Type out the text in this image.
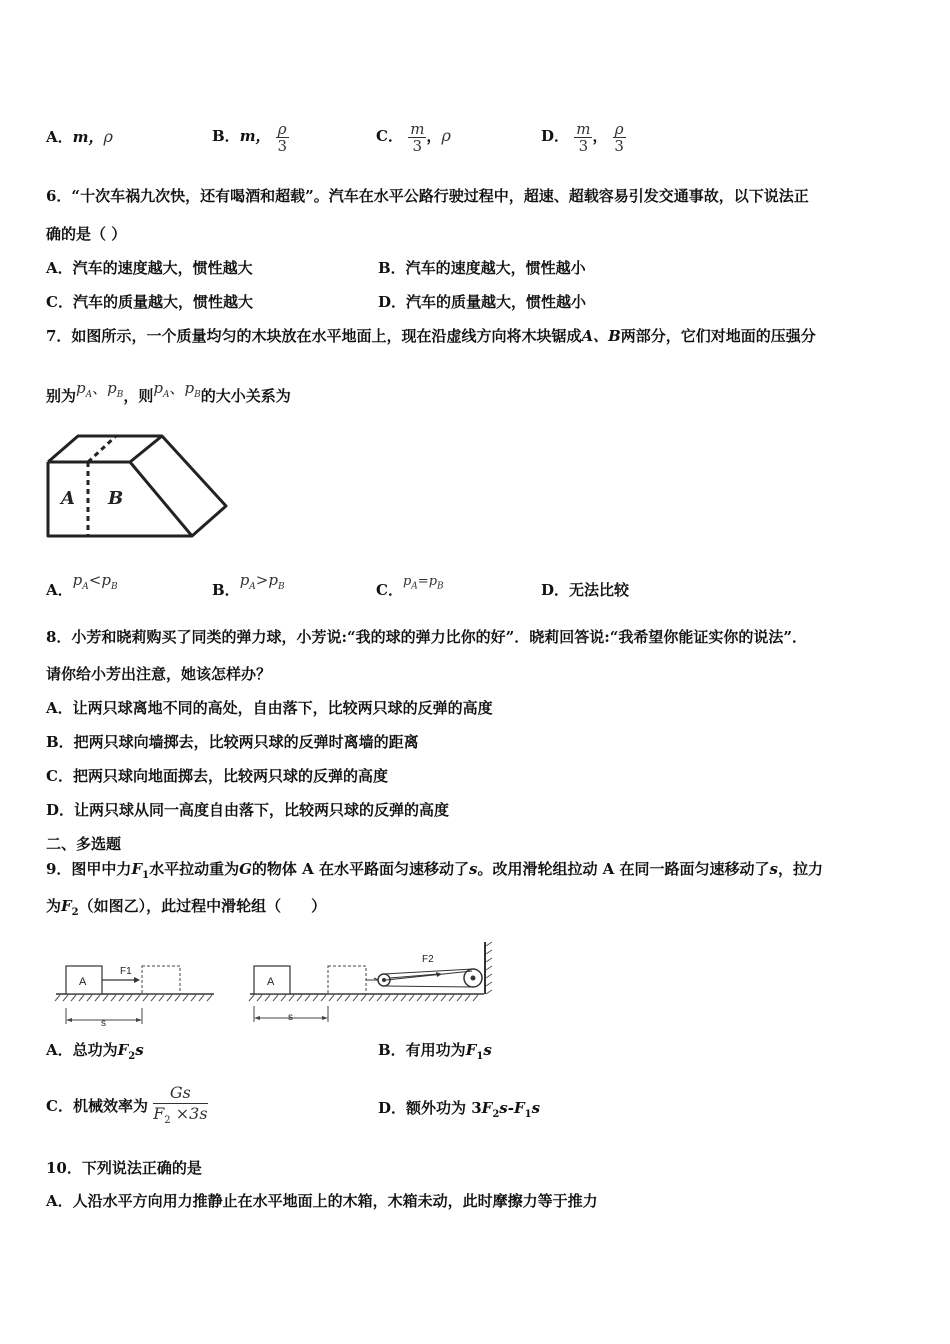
A．m，ρ	B．m， $\frac{\rho}{3}$	C． $\frac{m}{3}$ ，ρ	D． $\frac{m}{3}$ ， $\frac{\rho}{3}$
6．“十次车祸九次快，还有喝酒和超载”。汽车在水平公路行驶过程中，超速、超载容易引发交通事故，以下说法正
确的是（ ）
A．汽车的速度越大，惯性越大	B．汽车的速度越大，惯性越小
C．汽车的质量越大，惯性越大	D．汽车的质量越大，惯性越小
7．如图所示，一个质量均匀的木块放在水平地面上，现在沿虚线方向将木块锯成A、B两部分，它们对地面的压强分
别为$p_A$、$p_B$，则$p_A$、$p_B$的大小关系为
A B
A．$p_A<p_B$	B．$p_A>p_B$	C．$p_A=p_B$	D．无法比较
8．小芳和晓莉购买了同类的弹力球，小芳说:“我的球的弹力比你的好”．晓莉回答说:“我希望你能证实你的说法”．
请你给小芳出注意，她该怎样办？
A．让两只球离地不同的高处，自由落下，比较两只球的反弹的高度
B．把两只球向墙掷去，比较两只球的反弹时离墙的距离
C．把两只球向地面掷去，比较两只球的反弹的高度
D．让两只球从同一高度自由落下，比较两只球的反弹的高度
二、多选题
9．图甲中力$F_1$水平拉动重为G的物体 A 在水平路面匀速移动了s。改用滑轮组拉动 A 在同一路面匀速移动了s，拉力
为$F_2$（如图乙），此过程中滑轮组（　　）
A
F1
s
A
F2
s
A．总功为$F_2s$	B．有用功为$F_1s$
C．机械效率为 $\frac{Gs}{F_2 \times 3s}$	D．额外功为 $3F_2s-F_1s$
10．下列说法正确的是
A．人沿水平方向用力推静止在水平地面上的木箱，木箱未动，此时摩擦力等于推力
